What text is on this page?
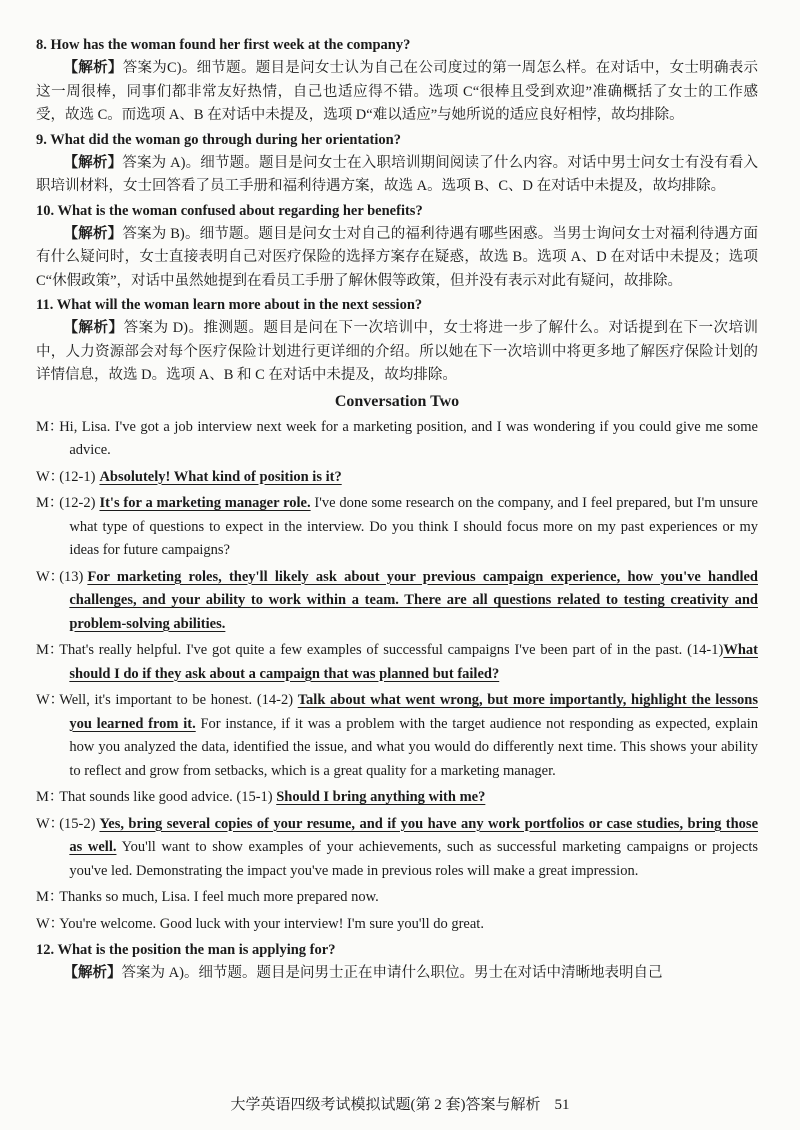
8. How has the woman found her first week at the company?

【解析】答案为C)。细节题。题目是问女士认为自己在公司度过的第一周怎么样。在对话中，女士明确表示这一周很棒，同事们都非常友好热情，自己也适应得不错。选项 C“很棒且受到欢迎”准确概括了女士的工作感受，故选 C。而选项 A、B 在对话中未提及，选项 D“难以适应”与她所说的适应良好相悖，故均排除。

9. What did the woman go through during her orientation?

【解析】答案为 A)。细节题。题目是问女士在入职培训期间阅读了什么内容。对话中男士问女士有没有看入职培训材料，女士回答看了员工手册和福利待遇方案，故选 A。选项 B、C、D 在对话中未提及，故均排除。

10. What is the woman confused about regarding her benefits?

【解析】答案为 B)。细节题。题目是问女士对自己的福利待遇有哪些困惑。当男士询问女士对福利待遇方面有什么疑问时，女士直接表明自己对医疗保险的选择方案存在疑惑，故选 B。选项 A、D 在对话中未提及；选项 C“休假政策”，对话中虽然她提到在看员工手册了解休假等政策，但并没有表示对此有疑问，故排除。

11. What will the woman learn more about in the next session?

【解析】答案为 D)。推测题。题目是问在下一次培训中，女士将进一步了解什么。对话提到在下一次培训中，人力资源部会对每个医疗保险计划进行更详细的介绍。所以她在下一次培训中将更多地了解医疗保险计划的详情信息，故选 D。选项 A、B 和 C 在对话中未提及，故均排除。

Conversation Two

M：Hi, Lisa. I've got a job interview next week for a marketing position, and I was wondering if you could give me some advice.

W：(12-1) Absolutely! What kind of position is it?

M：(12-2) It's for a marketing manager role. I've done some research on the company, and I feel prepared, but I'm unsure what type of questions to expect in the interview. Do you think I should focus more on my past experiences or my ideas for future campaigns?

W：(13) For marketing roles, they'll likely ask about your previous campaign experience, how you've handled challenges, and your ability to work within a team. There are all questions related to testing creativity and problem-solving abilities.

M：That's really helpful. I've got quite a few examples of successful campaigns I've been part of in the past. (14-1)What should I do if they ask about a campaign that was planned but failed?

W：Well, it's important to be honest. (14-2) Talk about what went wrong, but more importantly, highlight the lessons you learned from it. For instance, if it was a problem with the target audience not responding as expected, explain how you analyzed the data, identified the issue, and what you would do differently next time. This shows your ability to reflect and grow from setbacks, which is a great quality for a marketing manager.

M：That sounds like good advice. (15-1) Should I bring anything with me?

W：(15-2) Yes, bring several copies of your resume, and if you have any work portfolios or case studies, bring those as well. You'll want to show examples of your achievements, such as successful marketing campaigns or projects you've led. Demonstrating the impact you've made in previous roles will make a great impression.

M：Thanks so much, Lisa. I feel much more prepared now.

W：You're welcome. Good luck with your interview! I'm sure you'll do great.

12. What is the position the man is applying for?

【解析】答案为 A)。细节题。题目是问男士正在申请什么职位。男士在对话中清晰地表明自己

大学英语四级考试模拟试题(第 2 套)答案与解析 51
